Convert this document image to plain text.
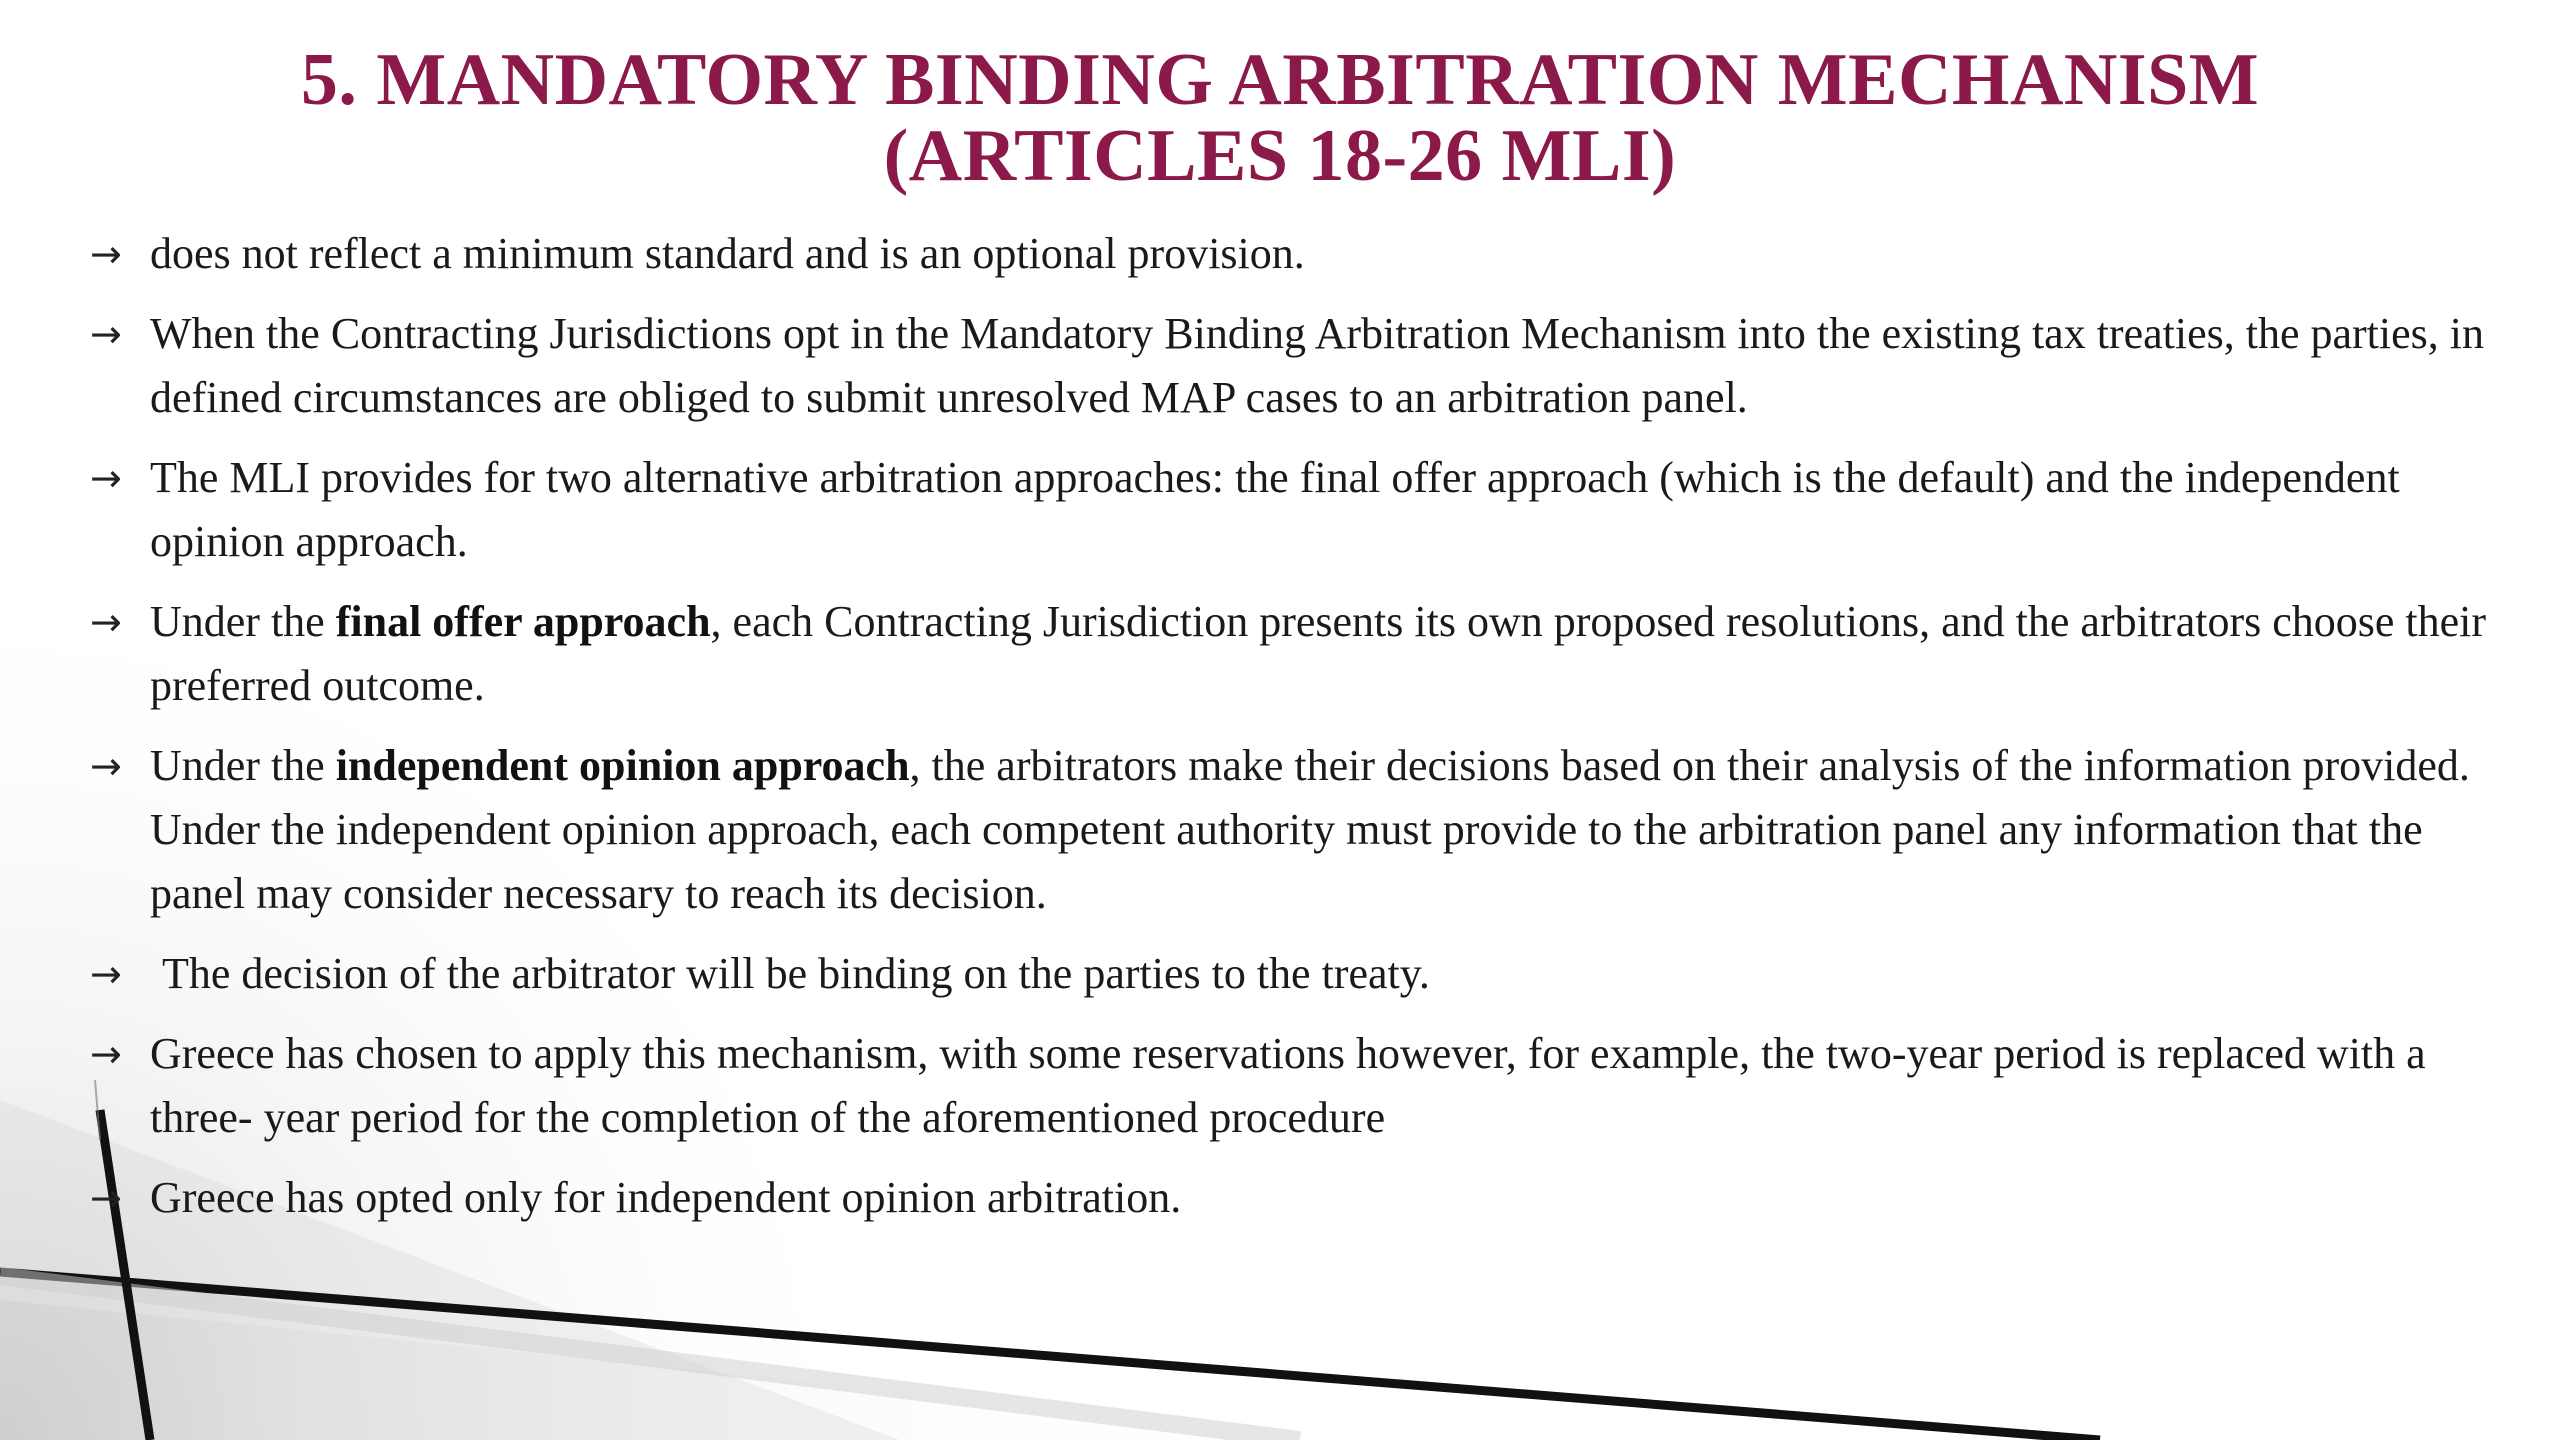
5. MANDATORY BINDING ARBITRATION MECHANISM
(ARTICLES 18-26 MLI)
→ does not reflect a minimum standard and is an optional provision.
→ When the Contracting Jurisdictions opt in the Mandatory Binding Arbitration Mechanism into the existing tax treaties, the parties, in defined circumstances are obliged to submit unresolved MAP cases to an arbitration panel.
→ The MLI provides for two alternative arbitration approaches: the final offer approach (which is the default) and the independent opinion approach.
→ Under the final offer approach, each Contracting Jurisdiction presents its own proposed resolutions, and the arbitrators choose their preferred outcome.
→ Under the independent opinion approach, the arbitrators make their decisions based on their analysis of the information provided. Under the independent opinion approach, each competent authority must provide to the arbitration panel any information that the panel may consider necessary to reach its decision.
→ The decision of the arbitrator will be binding on the parties to the treaty.
→ Greece has chosen to apply this mechanism, with some reservations however, for example, the two-year period is replaced with a three- year period for the completion of the aforementioned procedure
→ Greece has opted only for independent opinion arbitration.
